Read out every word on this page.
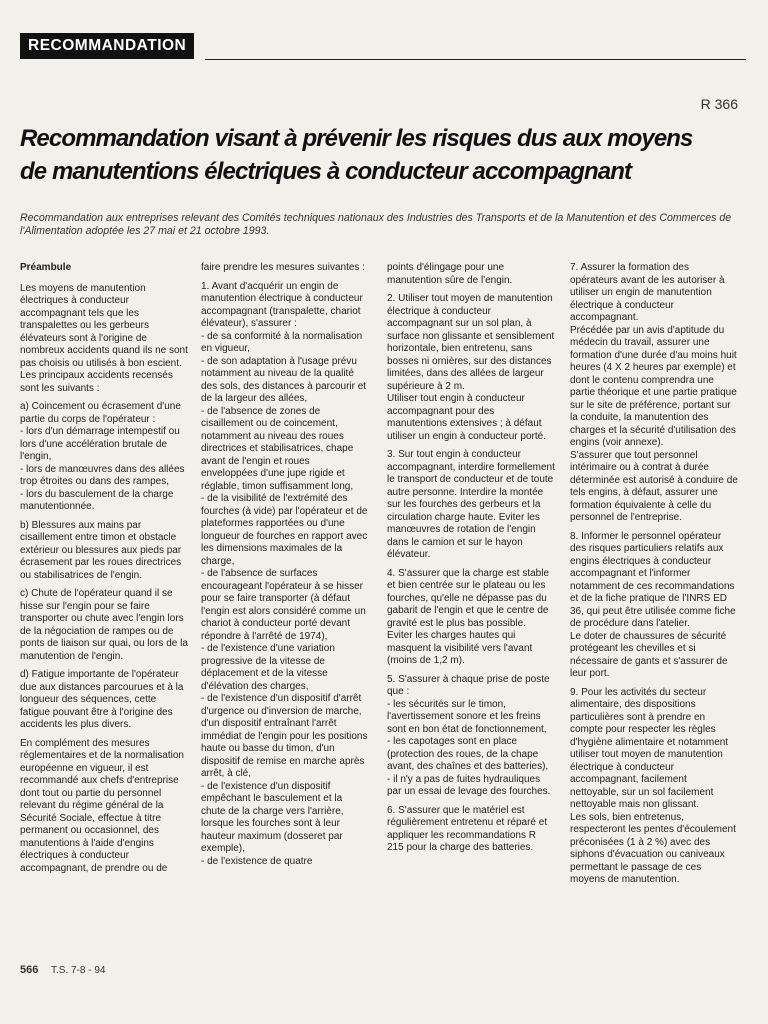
RECOMMANDATION
R 366
Recommandation visant à prévenir les risques dus aux moyens
de manutentions électriques à conducteur accompagnant
Recommandation aux entreprises relevant des Comités techniques nationaux des Industries des Transports et de la Manutention et des Commerces de l'Alimentation adoptée les 27 mai et 21 octobre 1993.

Préambule

Les moyens de manutention électriques à conducteur accompagnant tels que les transpalettes ou les gerbeurs élévateurs sont à l'origine de nombreux accidents quand ils ne sont pas choisis ou utilisés à bon escient. Les principaux accidents recensés sont les suivants :

a) Coincement ou écrasement d'une partie du corps de l'opérateur :
- lors d'un démarrage intempestif ou lors d'une accélération brutale de l'engin,
- lors de manœuvres dans des allées trop étroites ou dans des rampes,
- lors du basculement de la charge manutentionnée.

b) Blessures aux mains par cisaillement entre timon et obstacle extérieur ou blessures aux pieds par écrasement par les roues directrices ou stabilisatrices de l'engin.

c) Chute de l'opérateur quand il se hisse sur l'engin pour se faire transporter ou chute avec l'engin lors de la négociation de rampes ou de ponts de liaison sur quai, ou lors de la manutention de l'engin.

d) Fatigue importante de l'opérateur due aux distances parcourues et à la longueur des séquences, cette fatigue pouvant être à l'origine des accidents les plus divers.

En complément des mesures réglementaires et de la normalisation européenne en vigueur, il est recommandé aux chefs d'entreprise dont tout ou partie du personnel relevant du régime général de la Sécurité Sociale, effectue à titre permanent ou occasionnel, des manutentions à l'aide d'engins électriques à conducteur accompagnant, de prendre ou de

faire prendre les mesures suivantes :

1. Avant d'acquérir un engin de manutention électrique à conducteur accompagnant (transpalette, chariot élévateur), s'assurer :
- de sa conformité à la normalisation en vigueur,
- de son adaptation à l'usage prévu notamment au niveau de la qualité des sols, des distances à parcourir et de la largeur des allées,
- de l'absence de zones de cisaillement ou de coincement, notamment au niveau des roues directrices et stabilisatrices, chape avant de l'engin et roues enveloppées d'une jupe rigide et réglable, timon suffisamment long,
- de la visibilité de l'extrémité des fourches (à vide) par l'opérateur et de plateformes rapportées ou d'une longueur de fourches en rapport avec les dimensions maximales de la charge,
- de l'absence de surfaces encourageant l'opérateur à se hisser pour se faire transporter (à défaut l'engin est alors considéré comme un chariot à conducteur porté devant répondre à l'arrêté de 1974),
- de l'existence d'une variation progressive de la vitesse de déplacement et de la vitesse d'élévation des charges,
- de l'existence d'un dispositif d'arrêt d'urgence ou d'inversion de marche, d'un dispositif entraînant l'arrêt immédiat de l'engin pour les positions haute ou basse du timon, d'un dispositif de remise en marche après arrêt, à clé,
- de l'existence d'un dispositif empêchant le basculement et la chute de la charge vers l'arrière, lorsque les fourches sont à leur hauteur maximum (dosseret par exemple),
- de l'existence de quatre

points d'élingage pour une manutention sûre de l'engin.

2. Utiliser tout moyen de manutention électrique à conducteur accompagnant sur un sol plan, à surface non glissante et sensiblement horizontale, bien entretenu, sans bosses ni ornières, sur des distances limitées, dans des allées de largeur supérieure à 2 m.
Utiliser tout engin à conducteur accompagnant pour des manutentions extensives ; à défaut utiliser un engin à conducteur porté.

3. Sur tout engin à conducteur accompagnant, interdire formellement le transport de conducteur et de toute autre personne. Interdire la montée sur les fourches des gerbeurs et la circulation charge haute. Eviter les manœuvres de rotation de l'engin dans le camion et sur le hayon élévateur.

4. S'assurer que la charge est stable et bien centrée sur le plateau ou les fourches, qu'elle ne dépasse pas du gabarit de l'engin et que le centre de gravité est le plus bas possible.
Eviter les charges hautes qui masquent la visibilité vers l'avant (moins de 1,2 m).

5. S'assurer à chaque prise de poste que :
- les sécurités sur le timon, l'avertissement sonore et les freins sont en bon état de fonctionnement,
- les capotages sont en place (protection des roues, de la chape avant, des chaînes et des batteries),
- il n'y a pas de fuites hydrauliques par un essai de levage des fourches.

6. S'assurer que le matériel est régulièrement entretenu et réparé et appliquer les recommandations R 215 pour la charge des batteries.

7. Assurer la formation des opérateurs avant de les autoriser à utiliser un engin de manutention électrique à conducteur accompagnant.
Précédée par un avis d'aptitude du médecin du travail, assurer une formation d'une durée d'au moins huit heures (4 X 2 heures par exemple) et dont le contenu comprendra une partie théorique et une partie pratique sur le site de préférence, portant sur la conduite, la manutention des charges et la sécurité d'utilisation des engins (voir annexe).
S'assurer que tout personnel intérimaire ou à contrat à durée déterminée est autorisé à conduire de tels engins, à défaut, assurer une formation équivalente à celle du personnel de l'entreprise.

8. Informer le personnel opérateur des risques particuliers relatifs aux engins électriques à conducteur accompagnant et l'informer notamment de ces recommandations et de la fiche pratique de l'INRS ED 36, qui peut être utilisée comme fiche de procédure dans l'atelier.
Le doter de chaussures de sécurité protégeant les chevilles et si nécessaire de gants et s'assurer de leur port.

9. Pour les activités du secteur alimentaire, des dispositions particulières sont à prendre en compte pour respecter les règles d'hygiène alimentaire et notamment utiliser tout moyen de manutention électrique à conducteur accompagnant, facilement nettoyable, sur un sol facilement nettoyable mais non glissant.
Les sols, bien entretenus, respecteront les pentes d'écoulement préconisées (1 à 2 %) avec des siphons d'évacuation ou caniveaux permettant le passage de ces moyens de manutention.

566 T.S. 7-8 - 94
